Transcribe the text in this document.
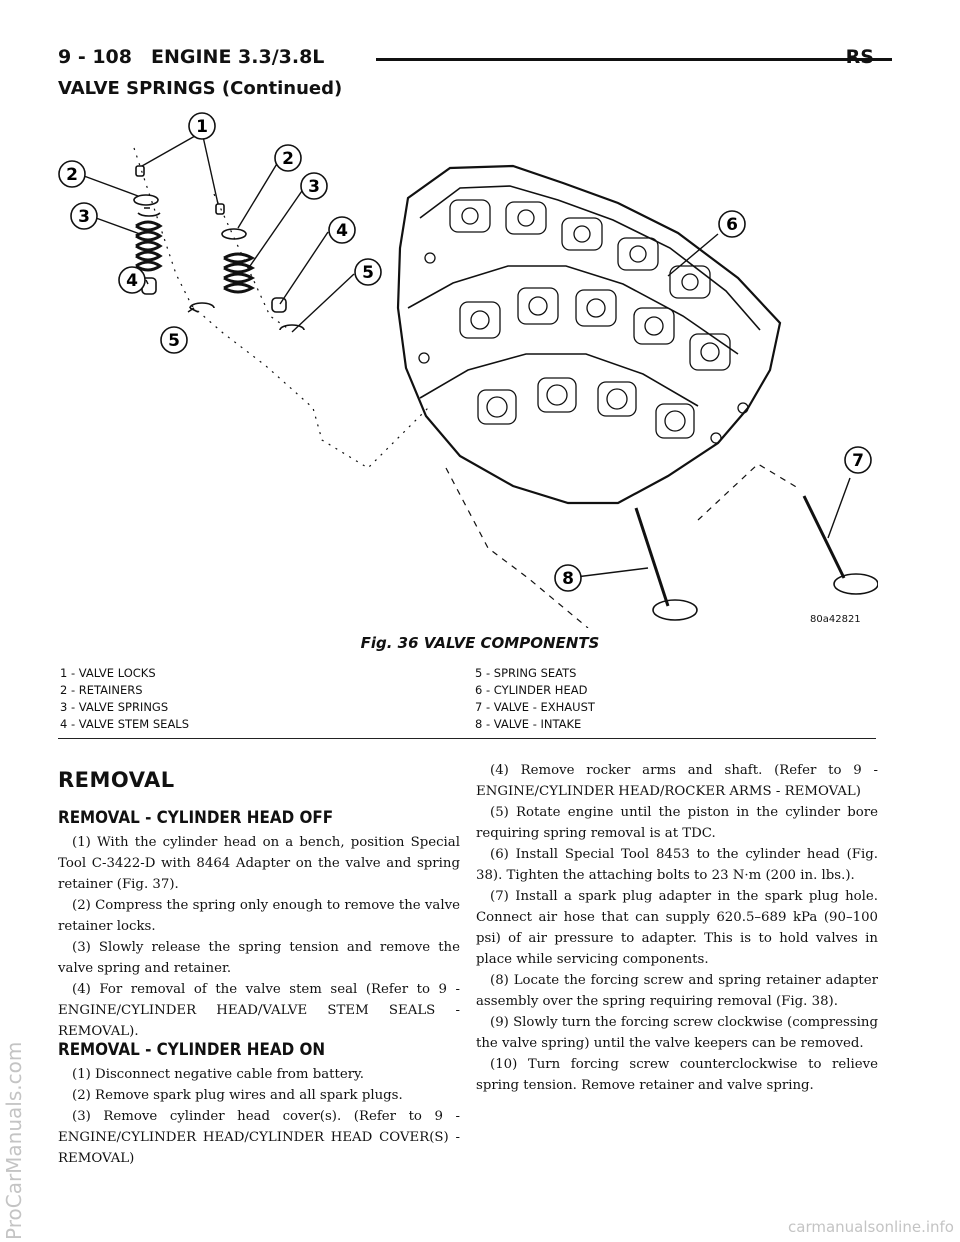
9 - 108 ENGINE 3.3/3.8L	RS
VALVE SPRINGS (Continued)
1
2
3
4
5
2
3
4
5
6
7
8
80a42821
Fig. 36 VALVE COMPONENTS
1 - VALVE LOCKS
2 - RETAINERS
3 - VALVE SPRINGS
4 - VALVE STEM SEALS
5 - SPRING SEATS
6 - CYLINDER HEAD
7 - VALVE - EXHAUST
8 - VALVE - INTAKE
REMOVAL
REMOVAL - CYLINDER HEAD OFF

(1) With the cylinder head on a bench, position Special Tool C-3422-D with 8464 Adapter on the valve and spring retainer (Fig. 37).

(2) Compress the spring only enough to remove the valve retainer locks.

(3) Slowly release the spring tension and remove the valve spring and retainer.

(4) For removal of the valve stem seal (Refer to 9 - ENGINE/CYLINDER HEAD/VALVE STEM SEALS - REMOVAL).

REMOVAL - CYLINDER HEAD ON

(1) Disconnect negative cable from battery.

(2) Remove spark plug wires and all spark plugs.

(3) Remove cylinder head cover(s). (Refer to 9 - ENGINE/CYLINDER HEAD/CYLINDER HEAD COVER(S) - REMOVAL)

(4) Remove rocker arms and shaft. (Refer to 9 - ENGINE/CYLINDER HEAD/ROCKER ARMS - REMOVAL)

(5) Rotate engine until the piston in the cylinder bore requiring spring removal is at TDC.

(6) Install Special Tool 8453 to the cylinder head (Fig. 38). Tighten the attaching bolts to 23 N·m (200 in. lbs.).

(7) Install a spark plug adapter in the spark plug hole. Connect air hose that can supply 620.5–689 kPa (90–100 psi) of air pressure to adapter. This is to hold valves in place while servicing components.

(8) Locate the forcing screw and spring retainer adapter assembly over the spring requiring removal (Fig. 38).

(9) Slowly turn the forcing screw clockwise (compressing the valve spring) until the valve keepers can be removed.

(10) Turn forcing screw counterclockwise to relieve spring tension. Remove retainer and valve spring.

ProCarManuals.com	carmanualsonline.info
